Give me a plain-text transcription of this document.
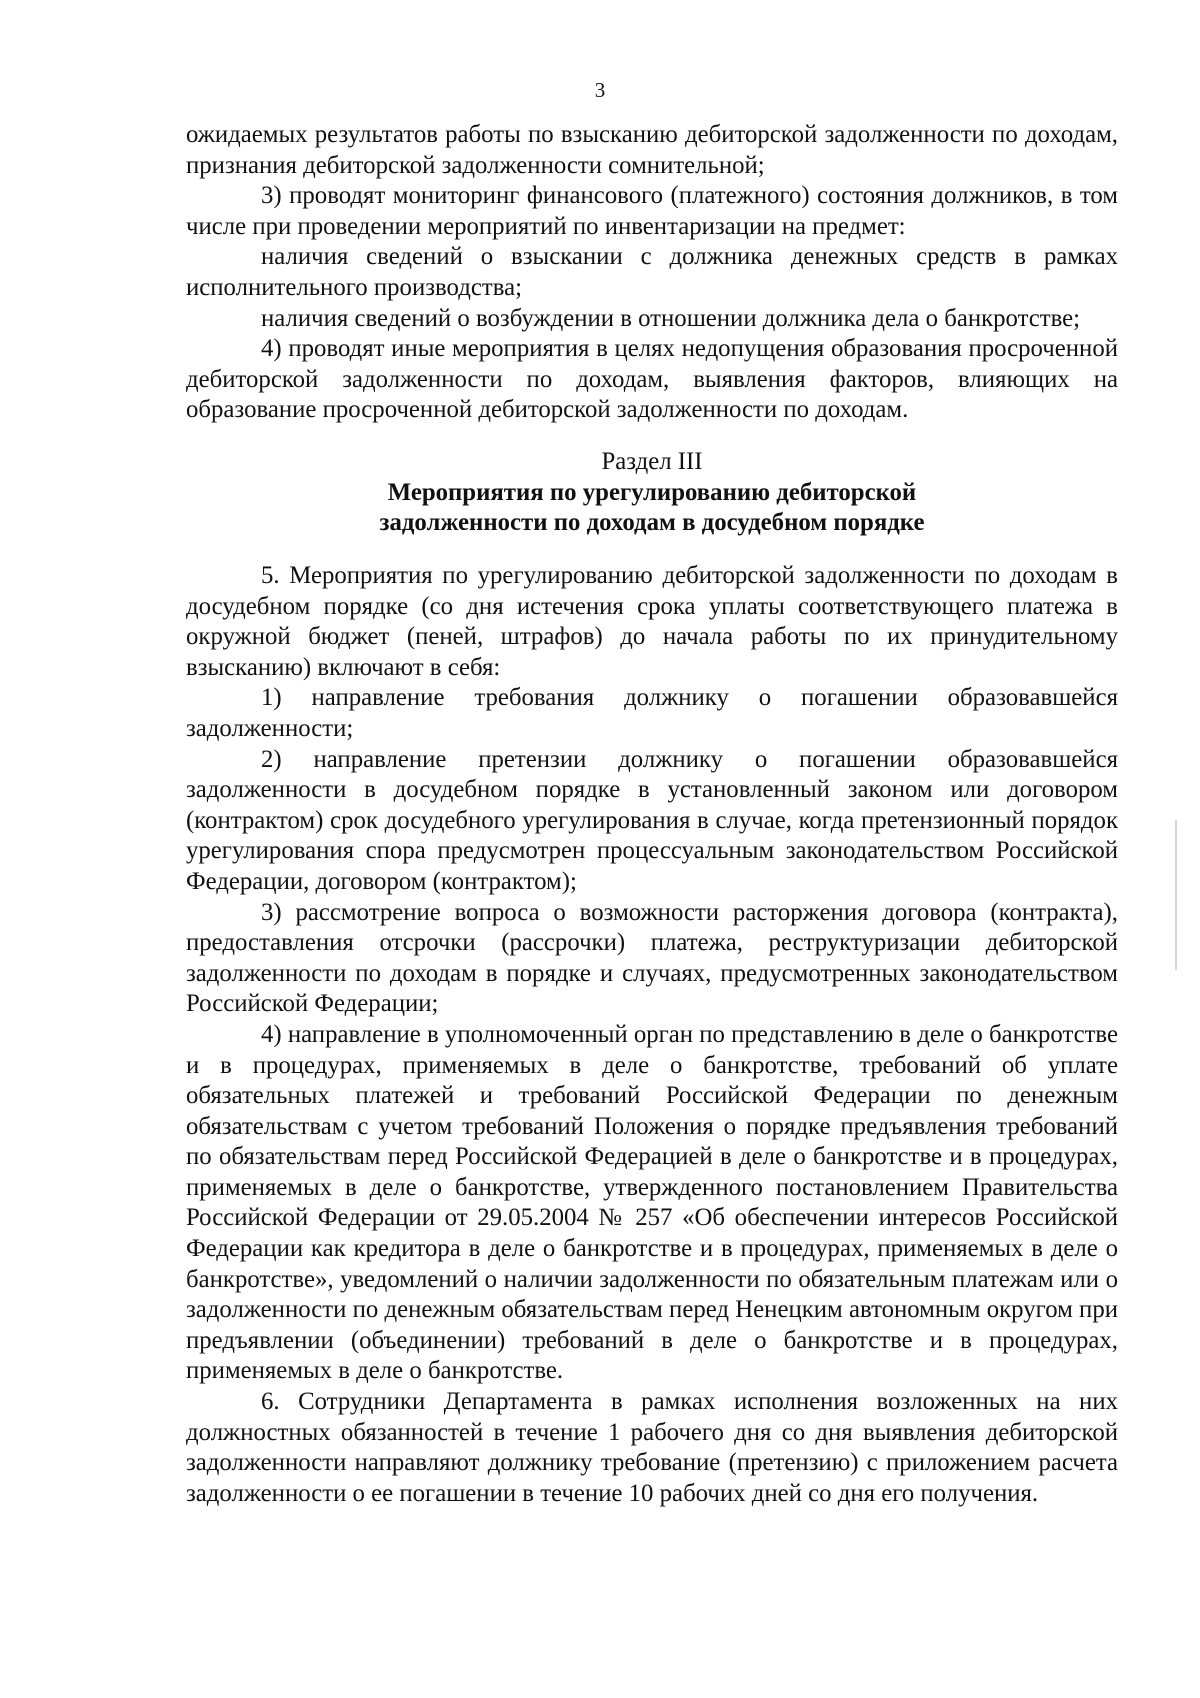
3

ожидаемых результатов работы по взысканию дебиторской задолженности по доходам, признания дебиторской задолженности сомнительной;

3) проводят мониторинг финансового (платежного) состояния должников, в том числе при проведении мероприятий по инвентаризации на предмет:

наличия сведений о взыскании с должника денежных средств в рамках исполнительного производства;

наличия сведений о возбуждении в отношении должника дела о банкротстве;

4) проводят иные мероприятия в целях недопущения образования просроченной дебиторской задолженности по доходам, выявления факторов, влияющих на образование просроченной дебиторской задолженности по доходам.

Раздел III
Мероприятия по урегулированию дебиторской
задолженности по доходам в досудебном порядке

5. Мероприятия по урегулированию дебиторской задолженности по доходам в досудебном порядке (со дня истечения срока уплаты соответствующего платежа в окружной бюджет (пеней, штрафов) до начала работы по их принудительному взысканию) включают в себя:

1) направление требования должнику о погашении образовавшейся задолженности;

2) направление претензии должнику о погашении образовавшейся задолженности в досудебном порядке в установленный законом или договором (контрактом) срок досудебного урегулирования в случае, когда претензионный порядок урегулирования спора предусмотрен процессуальным законодательством Российской Федерации, договором (контрактом);

3) рассмотрение вопроса о возможности расторжения договора (контракта), предоставления отсрочки (рассрочки) платежа, реструктуризации дебиторской задолженности по доходам в порядке и случаях, предусмотренных законодательством Российской Федерации;

4) направление в уполномоченный орган по представлению в деле о банкротстве и в процедурах, применяемых в деле о банкротстве, требований об уплате обязательных платежей и требований Российской Федерации по денежным обязательствам с учетом требований Положения о порядке предъявления требований по обязательствам перед Российской Федерацией в деле о банкротстве и в процедурах, применяемых в деле о банкротстве, утвержденного постановлением Правительства Российской Федерации от 29.05.2004 № 257 «Об обеспечении интересов Российской Федерации как кредитора в деле о банкротстве и в процедурах, применяемых в деле о банкротстве», уведомлений о наличии задолженности по обязательным платежам или о задолженности по денежным обязательствам перед Ненецким автономным округом при предъявлении (объединении) требований в деле о банкротстве и в процедурах, применяемых в деле о банкротстве.

6. Сотрудники Департамента в рамках исполнения возложенных на них должностных обязанностей в течение 1 рабочего дня со дня выявления дебиторской задолженности направляют должнику требование (претензию) с приложением расчета задолженности о ее погашении в течение 10 рабочих дней со дня его получения.
